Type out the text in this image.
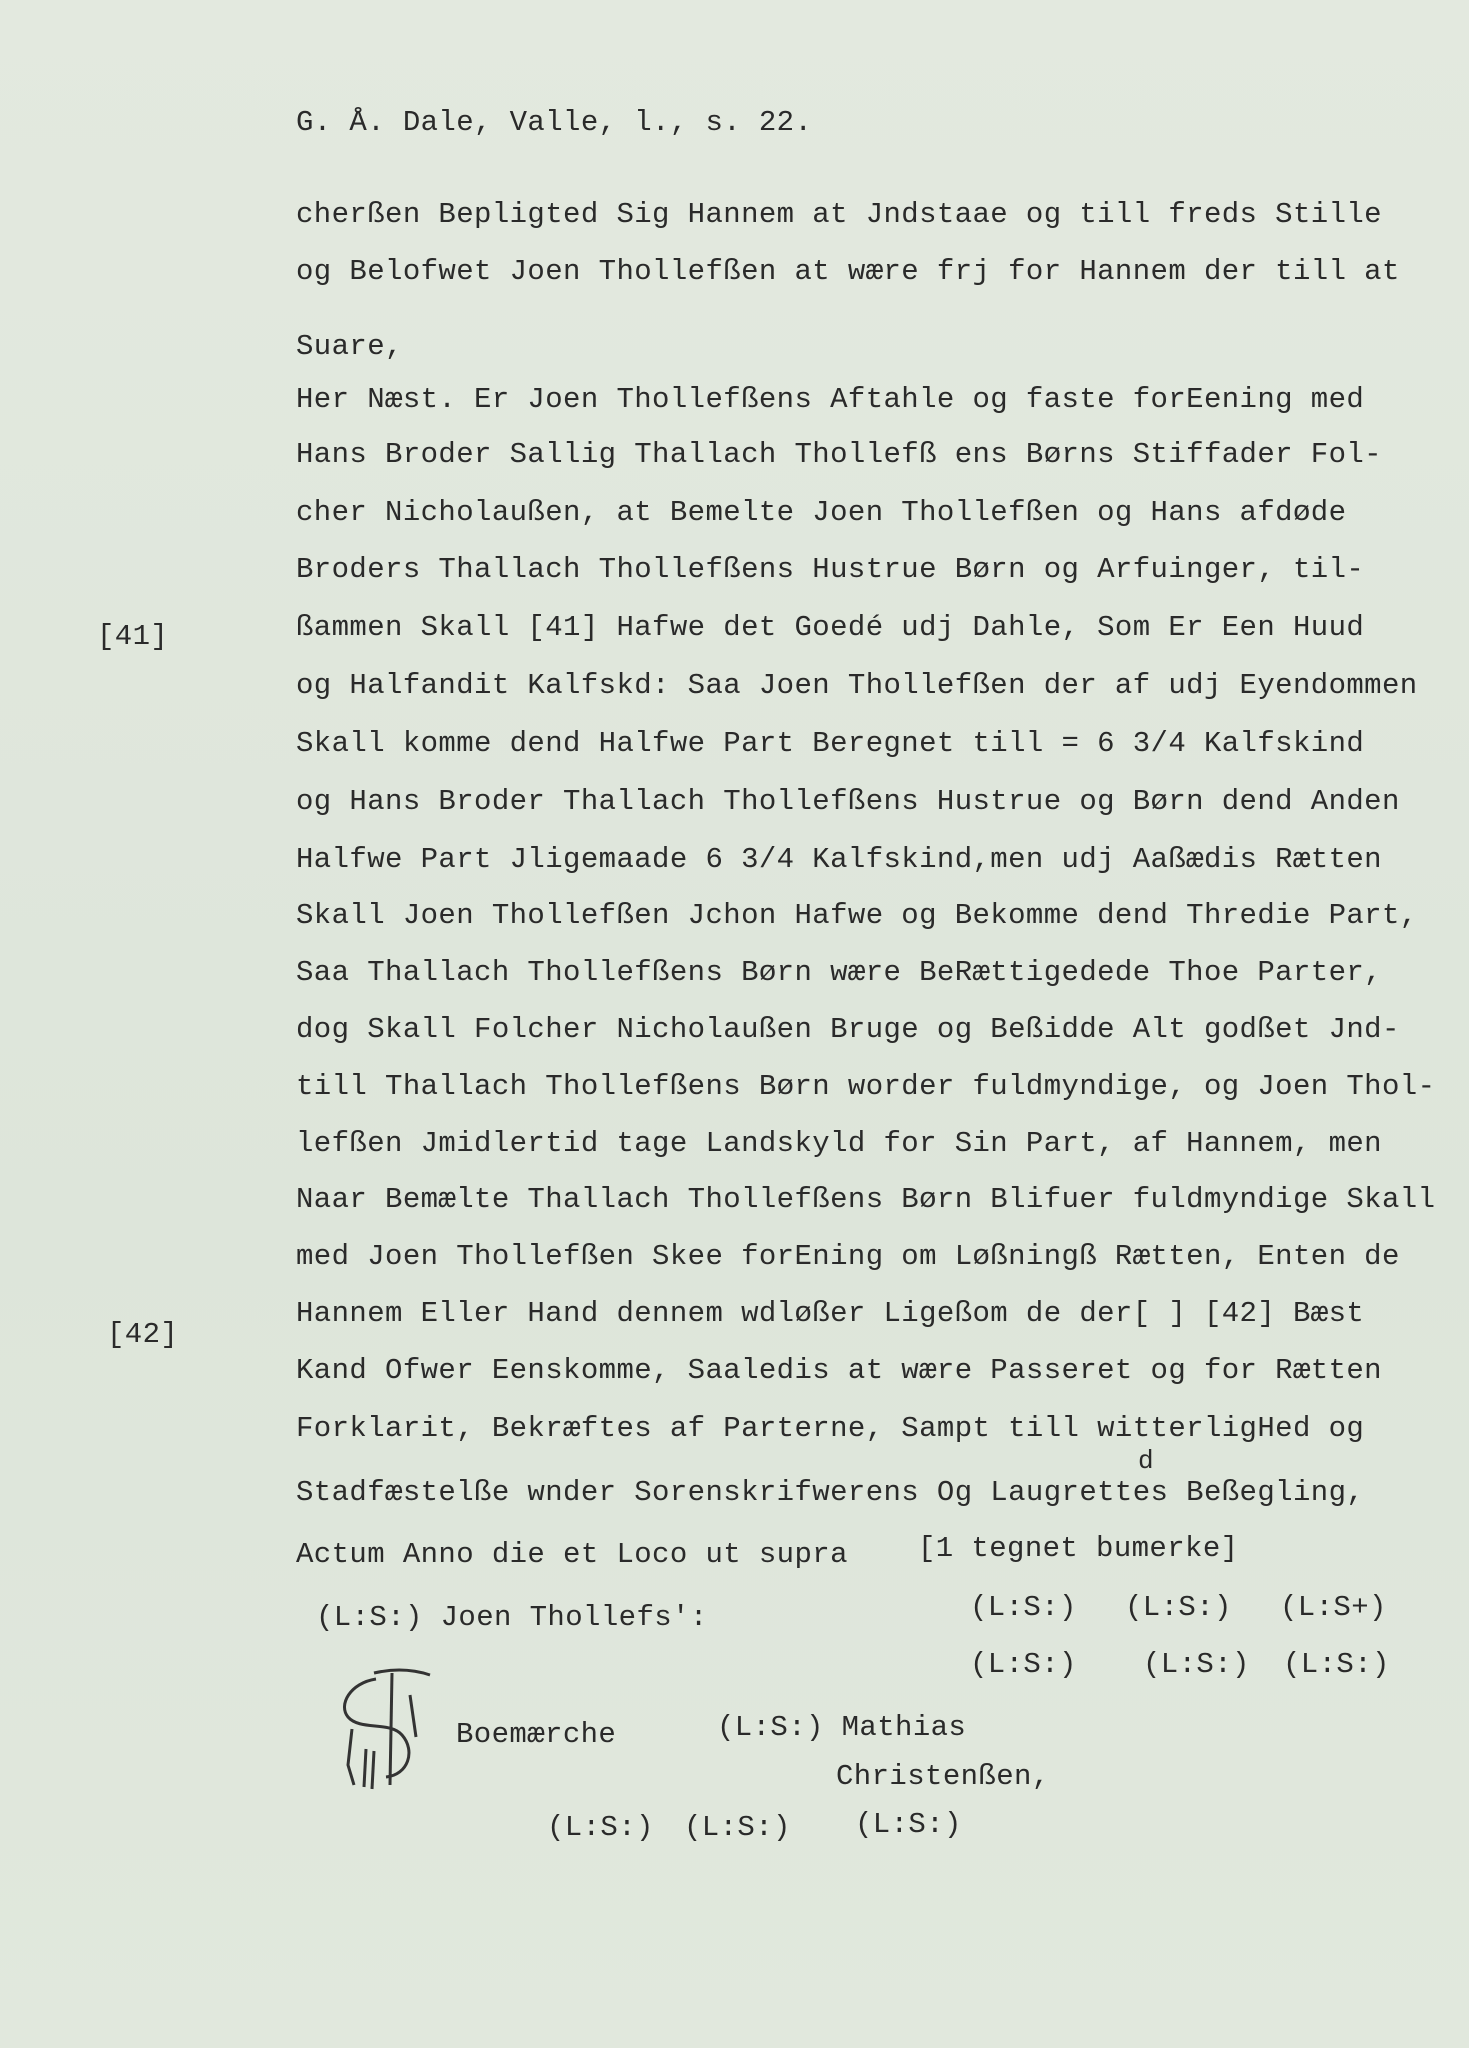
G. Å. Dale, Valle, l., s. 22.
cherßen Bepligted Sig Hannem at Jndstaae og till freds Stille
og Belofwet Joen Thollefßen at wære frj for Hannem der till at
Suare,
Her Næst. Er Joen Thollefßens Aftahle og faste forEening med
Hans Broder Sallig Thallach Thollefß ens Børns Stiffader Fol-
cher Nicholaußen, at Bemelte Joen Thollefßen og Hans afdøde
Broders Thallach Thollefßens Hustrue Børn og Arfuinger, til-
[41]	ßammen Skall [41] Hafwe det Goedé udj Dahle, Som Er Een Huud
og Halfandit Kalfskd: Saa Joen Thollefßen der af udj Eyendommen
Skall komme dend Halfwe Part Beregnet till = 6 3/4 Kalfskind
og Hans Broder Thallach Thollefßens Hustrue og Børn dend Anden
Halfwe Part Jligemaade 6 3/4 Kalfskind,men udj Aaßædis Rætten
Skall Joen Thollefßen Jchon Hafwe og Bekomme dend Thredie Part,
Saa Thallach Thollefßens Børn wære BeRættigedede Thoe Parter,
dog Skall Folcher Nicholaußen Bruge og Beßidde Alt godßet Jnd-
till Thallach Thollefßens Børn worder fuldmyndige, og Joen Thol-
lefßen Jmidlertid tage Landskyld for Sin Part, af Hannem, men
Naar Bemælte Thallach Thollefßens Børn Blifuer fuldmyndige Skall
med Joen Thollefßen Skee forEning om Løßningß Rætten, Enten de
[42]
Hannem Eller Hand dennem wdløßer Ligeßom de der[ ] [42] Bæst
Kand Ofwer Eenskomme, Saaledis at wære Passeret og for Rætten
Forklarit, Bekræftes af Parterne, Sampt till witterligHed og
d
Stadfæstelße wnder Sorenskrifwerens Og Laugrettes Beßegling,
Actum Anno die et Loco ut supra [1 tegnet bumerke]
(L:S:) Joen Thollefs':	(L:S:) (L:S:) (L:S+)
(L:S:) (L:S:) (L:S:)
Boemærche	(L:S:) Mathias
Christenßen,
(L:S:) (L:S:) (L:S:)
